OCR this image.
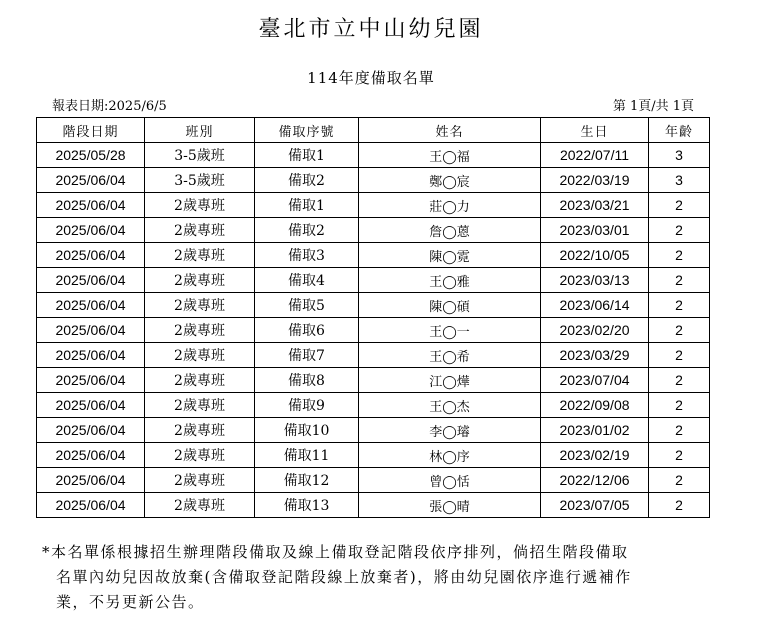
臺北市立中山幼兒園
114年度備取名單
報表日期:2025/6/5	第 1頁/共 1頁
階段日期	班別	備取序號	姓名	生日	年齡
2025/05/28	3-5歲班	備取1	王◯福	2022/07/11	3
2025/06/04	3-5歲班	備取2	鄭◯宸	2022/03/19	3
2025/06/04	2歲專班	備取1	莊◯力	2023/03/21	2
2025/06/04	2歲專班	備取2	詹◯蒽	2023/03/01	2
2025/06/04	2歲專班	備取3	陳◯霓	2022/10/05	2
2025/06/04	2歲專班	備取4	王◯雅	2023/03/13	2
2025/06/04	2歲專班	備取5	陳◯碩	2023/06/14	2
2025/06/04	2歲專班	備取6	王◯一	2023/02/20	2
2025/06/04	2歲專班	備取7	王◯希	2023/03/29	2
2025/06/04	2歲專班	備取8	江◯燁	2023/07/04	2
2025/06/04	2歲專班	備取9	王◯杰	2022/09/08	2
2025/06/04	2歲專班	備取10	李◯璿	2023/01/02	2
2025/06/04	2歲專班	備取11	林◯序	2023/02/19	2
2025/06/04	2歲專班	備取12	曾◯恬	2022/12/06	2
2025/06/04	2歲專班	備取13	張◯晴	2023/07/05	2
*本名單係根據招生辦理階段備取及線上備取登記階段依序排列，倘招生階段備取
名單內幼兒因故放棄(含備取登記階段線上放棄者)，將由幼兒園依序進行遞補作
業，不另更新公告。
